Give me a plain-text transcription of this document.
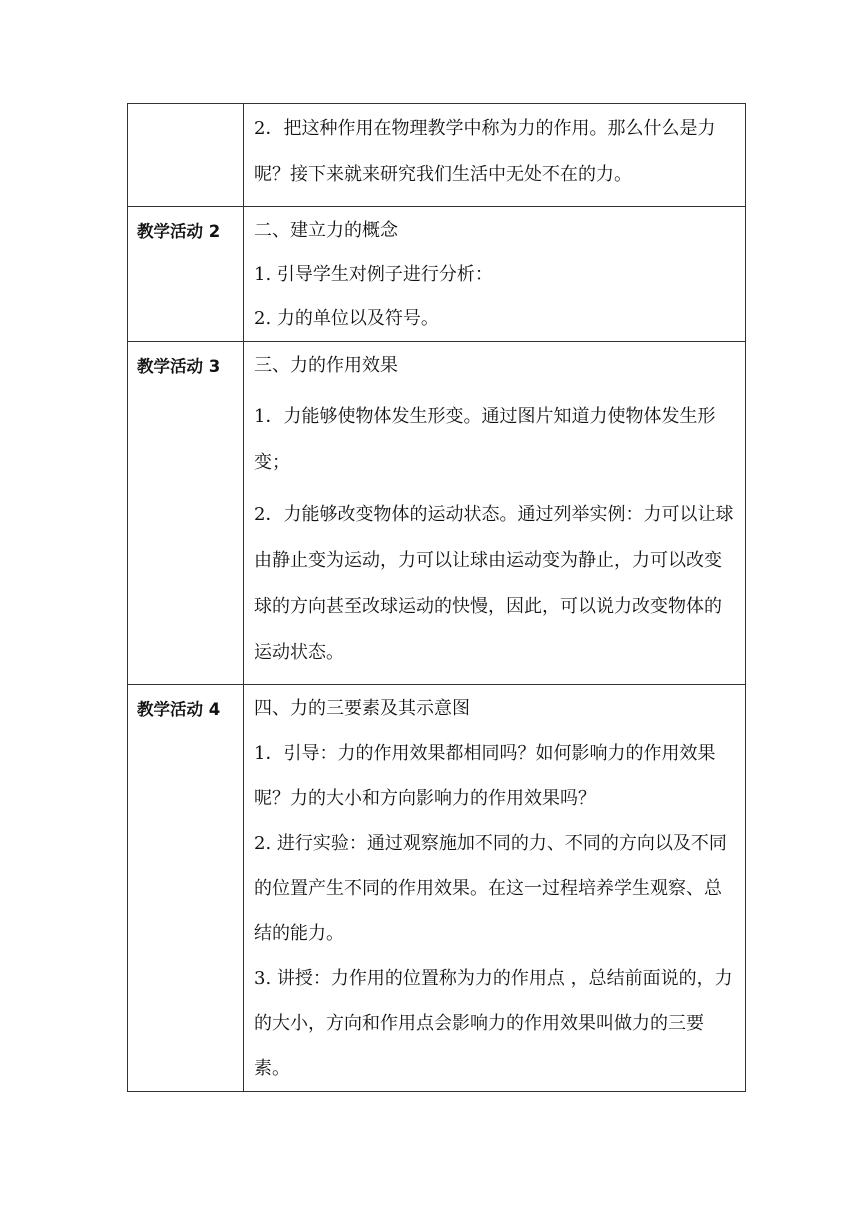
	2．把这种作用在物理教学中称为力的作用。那么什么是力呢？接下来就来研究我们生活中无处不在的力。

教学活动 2	二、建立力的概念

1. 引导学生对例子进行分析：

2. 力的单位以及符号。

教学活动 3	三、力的作用效果

1．力能够使物体发生形变。通过图片知道力使物体发生形变；

2．力能够改变物体的运动状态。通过列举实例：力可以让球由静止变为运动，力可以让球由运动变为静止，力可以改变球的方向甚至改球运动的快慢，因此，可以说力改变物体的运动状态。

教学活动 4	四、力的三要素及其示意图

1．引导：力的作用效果都相同吗？如何影响力的作用效果呢？力的大小和方向影响力的作用效果吗？

2. 进行实验：通过观察施加不同的力、不同的方向以及不同的位置产生不同的作用效果。在这一过程培养学生观察、总结的能力。

3. 讲授：力作用的位置称为力的作用点 ，总结前面说的，力的大小，方向和作用点会影响力的作用效果叫做力的三要素。
